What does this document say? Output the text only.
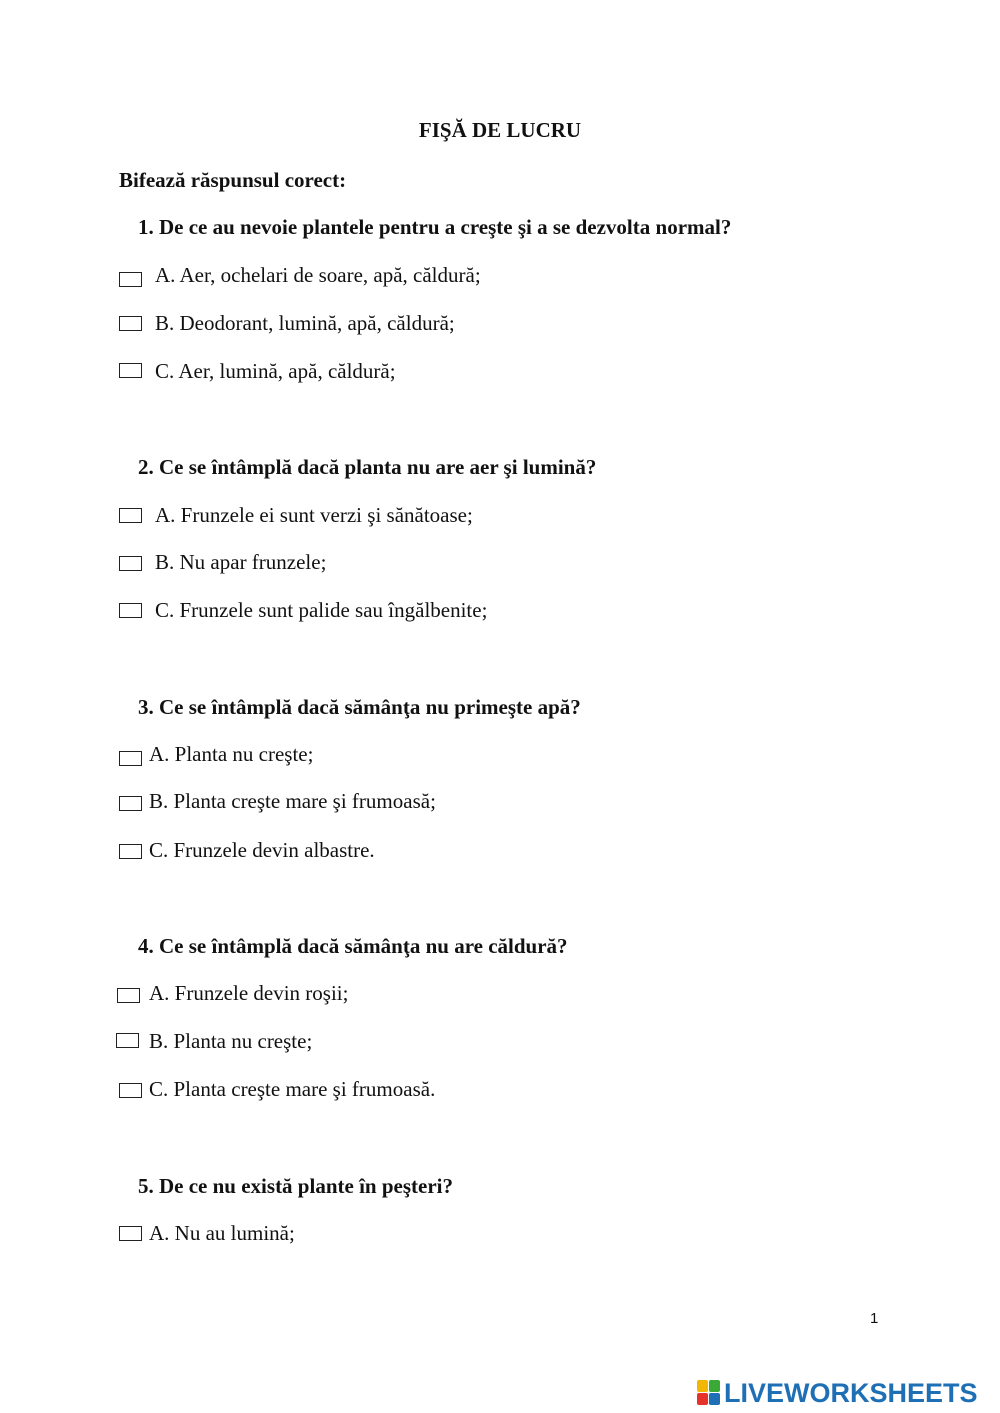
FIŞĂ DE LUCRU
Bifează răspunsul corect:
1. De ce au nevoie plantele pentru a creşte şi a se dezvolta normal?
A. Aer, ochelari de soare, apă, căldură;
B. Deodorant, lumină, apă, căldură;
C. Aer, lumină, apă, căldură;
2. Ce se întâmplă dacă planta nu are aer şi lumină?
A. Frunzele ei sunt verzi şi sănătoase;
B. Nu apar frunzele;
C. Frunzele sunt palide sau îngălbenite;
3. Ce se întâmplă dacă sămânţa nu primeşte apă?
A. Planta nu creşte;
B. Planta creşte mare şi frumoasă;
C. Frunzele devin albastre.
4. Ce se întâmplă dacă sămânţa nu are căldură?
A. Frunzele devin roşii;
B. Planta nu creşte;
C. Planta creşte mare şi frumoasă.
5. De ce nu există plante în peşteri?
A. Nu au lumină;
1
LIVEWORKSHEETS
